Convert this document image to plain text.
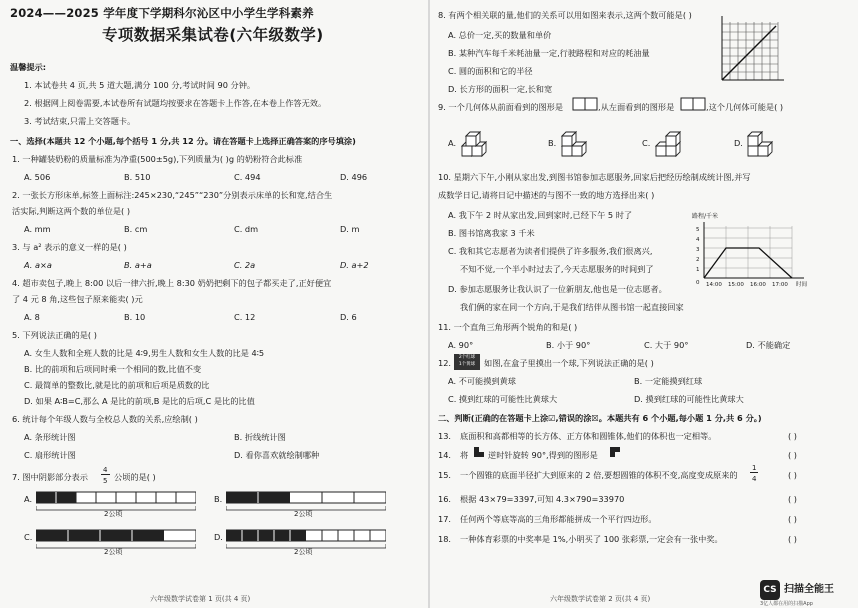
2024——2025 学年度下学期科尔沁区中小学生学科素养
专项数据采集试卷(六年级数学)
温馨提示:
1. 本试卷共 4 页,共 5 道大题,满分 100 分,考试时间 90 分钟。
2. 根据网上阅卷需要,本试卷所有试题均按要求在答题卡上作答,在本卷上作答无效。
3. 考试结束,只需上交答题卡。
一、选择(本题共 12 个小题,每个括号 1 分,共 12 分。请在答题卡上选择正确答案的序号填涂)
1. 一种罐装奶粉的质量标准为净重(500±5g),下列质量为( )g 的奶粉符合此标准
A. 506	B. 510	C. 494	D. 496
2. 一张长方形床单,标签上面标注:245×230,“245”“230”分别表示床单的长和宽,结合生
活实际,判断这两个数的单位是( )
A. mm	B. cm	C. dm	D. m
3. 与 a² 表示的意义一样的是( )
A. a×a	B. a+a	C. 2a	D. a+2
4. 超市卖包子,晚上 8:00 以后一律六折,晚上 8:30 奶奶把剩下的包子都买走了,正好便宜
了 4 元 8 角,这些包子原来能卖( )元
A. 8	B. 10	C. 12	D. 6
5. 下列说法正确的是( )
A. 女生人数和全班人数的比是 4∶9,男生人数和女生人数的比是 4∶5
B. 比的前项和后项同时乘一个相同的数,比值不变
C. 最简单的整数比,就是比的前项和后项是质数的比
D. 如果 A∶B=C,那么 A 是比的前项,B 是比的后项,C 是比的比值
6. 统计每个年级人数与全校总人数的关系,应绘制( )
A. 条形统计图	B. 折线统计图
C. 扇形统计图	D. 看你喜欢就绘制哪种
7. 图中阴影部分表示
4
5 公顷的是( )
A.
2公顷
B.
2公顷
C.
2公顷
D.
2公顷
六年级数学试卷第 1 页(共 4 页)
8. 有两个相关联的量,他们的关系可以用如图来表示,这两个数可能是( )
A. 总价一定,买的数量和单价
B. 某种汽车每千米耗油量一定,行驶路程和对应的耗油量
C. 圆的面积和它的半径
D. 长方形的面积一定,长和宽
9. 一个几何体从前面看到的图形是	,从左面看到的图形是	,这个几何体可能是( )
A.	B.	C.	D.
10. 星期六下午,小刚从家出发,到图书馆参加志愿服务,回家后把经历绘制成统计图,并写
成数学日记,请将日记中描述的与图不一致的地方选择出来( )
A. 我下午 2 时从家出发,回到家时,已经下午 5 时了
B. 图书馆离我家 3 千米
C. 我和其它志愿者为读者们提供了许多服务,我们很离兴,
不知不觉,一个半小时过去了,今天志愿服务的时间到了
D. 参加志愿服务让我认识了一位新朋友,他也是一位志愿者。
我们俩的家在同一个方向,于是我们结伴从图书馆一起直接回家
路程/千米
5
4
3
2
1
0 14:00 15:00 16:00 17:00 时间
11. 一个直角三角形两个锐角的和是( )
A. 90°	B. 小于 90°	C. 大于 90°	D. 不能确定
12.
2个红球
1个黄球	如图,在盒子里摸出一个球,下列说法正确的是( )
A. 不可能摸到黄球	B. 一定能摸到红球
C. 摸到红球的可能性比黄球大	D. 摸到红球的可能性比黄球大
二、判断(正确的在答题卡上涂☑,错误的涂☒。本题共有 6 个小题,每小题 1 分,共 6 分。)
13. 底面积和高都相等的长方体、正方体和圆锥体,他们的体积也一定相等。	( )
14. 将 逆时针旋转 90°,得到的图形是	( )
15. 一个圆锥的底面半径扩大到原来的 2 倍,要想圆锥的体积不变,高度变成原来的
1
4	( )
16. 根据 43×79=3397,可知 4.3×790=33970	( )
17. 任何两个等底等高的三角形都能拼成一个平行四边形。	( )
18. 一种体育彩票的中奖率是 1%,小明买了 100 张彩票,一定会有一张中奖。	( )
六年级数学试卷第 2 页(共 4 页)
CS 扫描全能王
3亿人都在用的扫描App
